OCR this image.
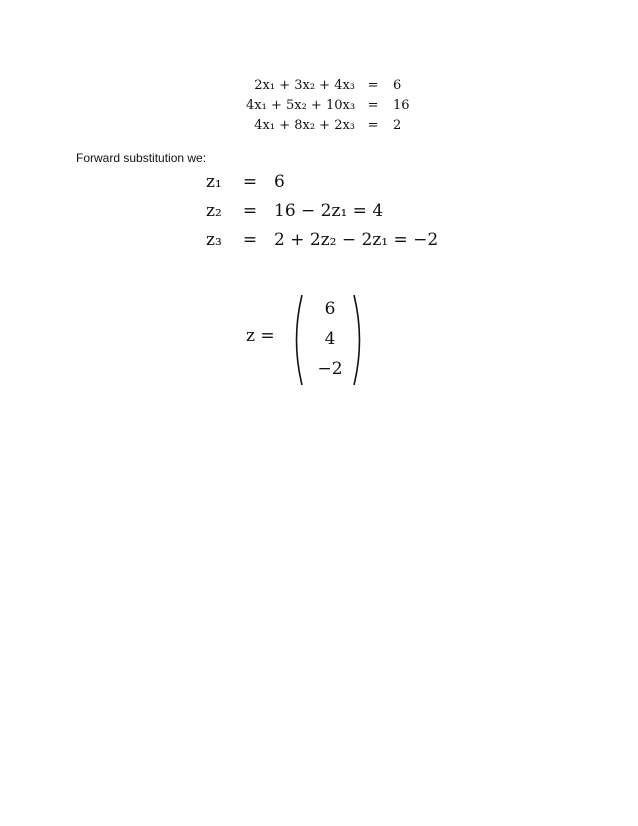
2x₁ + 3x₂ + 4x₃	=	6
4x₁ + 5x₂ + 10x₃	=	16
4x₁ + 8x₂ + 2x₃	=	2
Forward substitution we:
z₁	=	6
z₂	=	16 − 2z₁ = 4
z₃	=	2 + 2z₂ − 2z₁ = −2
z =
6
4
−2
